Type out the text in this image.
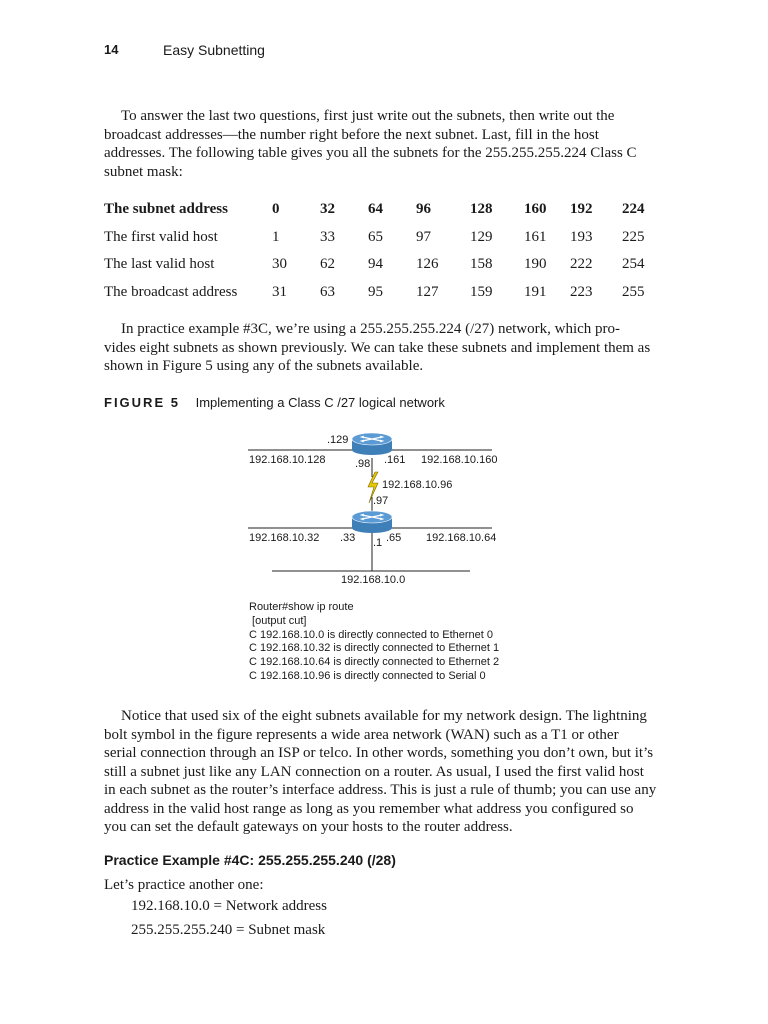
14	Easy Subnetting

To answer the last two questions, first just write out the subnets, then write out the
broadcast addresses—the number right before the next subnet. Last, fill in the host
addresses. The following table gives you all the subnets for the 255.255.255.224 Class C
subnet mask:

The subnet address	0	32	64	96	128	160	192	224
The first valid host	1	33	65	97	129	161	193	225
The last valid host	30	62	94	126	158	190	222	254
The broadcast address	31	63	95	127	159	191	223	255

In practice example #3C, we’re using a 255.255.255.224 (/27) network, which pro-
vides eight subnets as shown previously. We can take these subnets and implement them as
shown in Figure 5 using any of the subnets available.

FIGURE 5 Implementing a Class C /27 logical network
.129
192.168.10.128	.98 .161 192.168.10.160
192.168.10.96
.97
192.168.10.32 .33 .1 .65 192.168.10.64
192.168.10.0
Router#show ip route
[output cut]
C 192.168.10.0 is directly connected to Ethernet 0
C 192.168.10.32 is directly connected to Ethernet 1
C 192.168.10.64 is directly connected to Ethernet 2
C 192.168.10.96 is directly connected to Serial 0

Notice that used six of the eight subnets available for my network design. The lightning
bolt symbol in the figure represents a wide area network (WAN) such as a T1 or other
serial connection through an ISP or telco. In other words, something you don’t own, but it’s
still a subnet just like any LAN connection on a router. As usual, I used the first valid host
in each subnet as the router’s interface address. This is just a rule of thumb; you can use any
address in the valid host range as long as you remember what address you configured so
you can set the default gateways on your hosts to the router address.

Practice Example #4C: 255.255.255.240 (/28)
Let’s practice another one:
192.168.10.0 = Network address
255.255.255.240 = Subnet mask
